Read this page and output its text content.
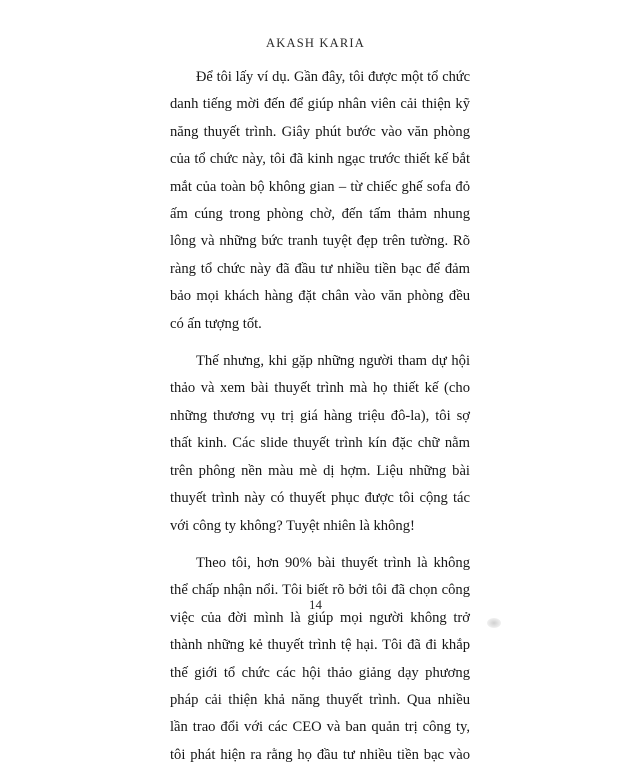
AKASH KARIA

Để tôi lấy ví dụ. Gần đây, tôi được một tổ chức
danh tiếng mời đến để giúp nhân viên cải thiện kỹ
năng thuyết trình. Giây phút bước vào văn phòng
của tổ chức này, tôi đã kinh ngạc trước thiết kế bắt
mắt của toàn bộ không gian – từ chiếc ghế sofa đỏ
ấm cúng trong phòng chờ, đến tấm thảm nhung
lông và những bức tranh tuyệt đẹp trên tường. Rõ
ràng tổ chức này đã đầu tư nhiều tiền bạc để đảm
bảo mọi khách hàng đặt chân vào văn phòng đều
có ấn tượng tốt.

Thế nhưng, khi gặp những người tham dự hội
thảo và xem bài thuyết trình mà họ thiết kế (cho
những thương vụ trị giá hàng triệu đô-la), tôi sợ
thất kinh. Các slide thuyết trình kín đặc chữ nằm
trên phông nền màu mè dị hợm. Liệu những bài
thuyết trình này có thuyết phục được tôi cộng tác
với công ty không? Tuyệt nhiên là không!

Theo tôi, hơn 90% bài thuyết trình là không
thể chấp nhận nổi. Tôi biết rõ bởi tôi đã chọn công
việc của đời mình là giúp mọi người không trở
thành những kẻ thuyết trình tệ hại. Tôi đã đi khắp
thế giới tổ chức các hội thảo giảng dạy phương
pháp cải thiện khả năng thuyết trình. Qua nhiều
lần trao đổi với các CEO và ban quản trị công ty,
tôi phát hiện ra rằng họ đầu tư nhiều tiền bạc vào

14
